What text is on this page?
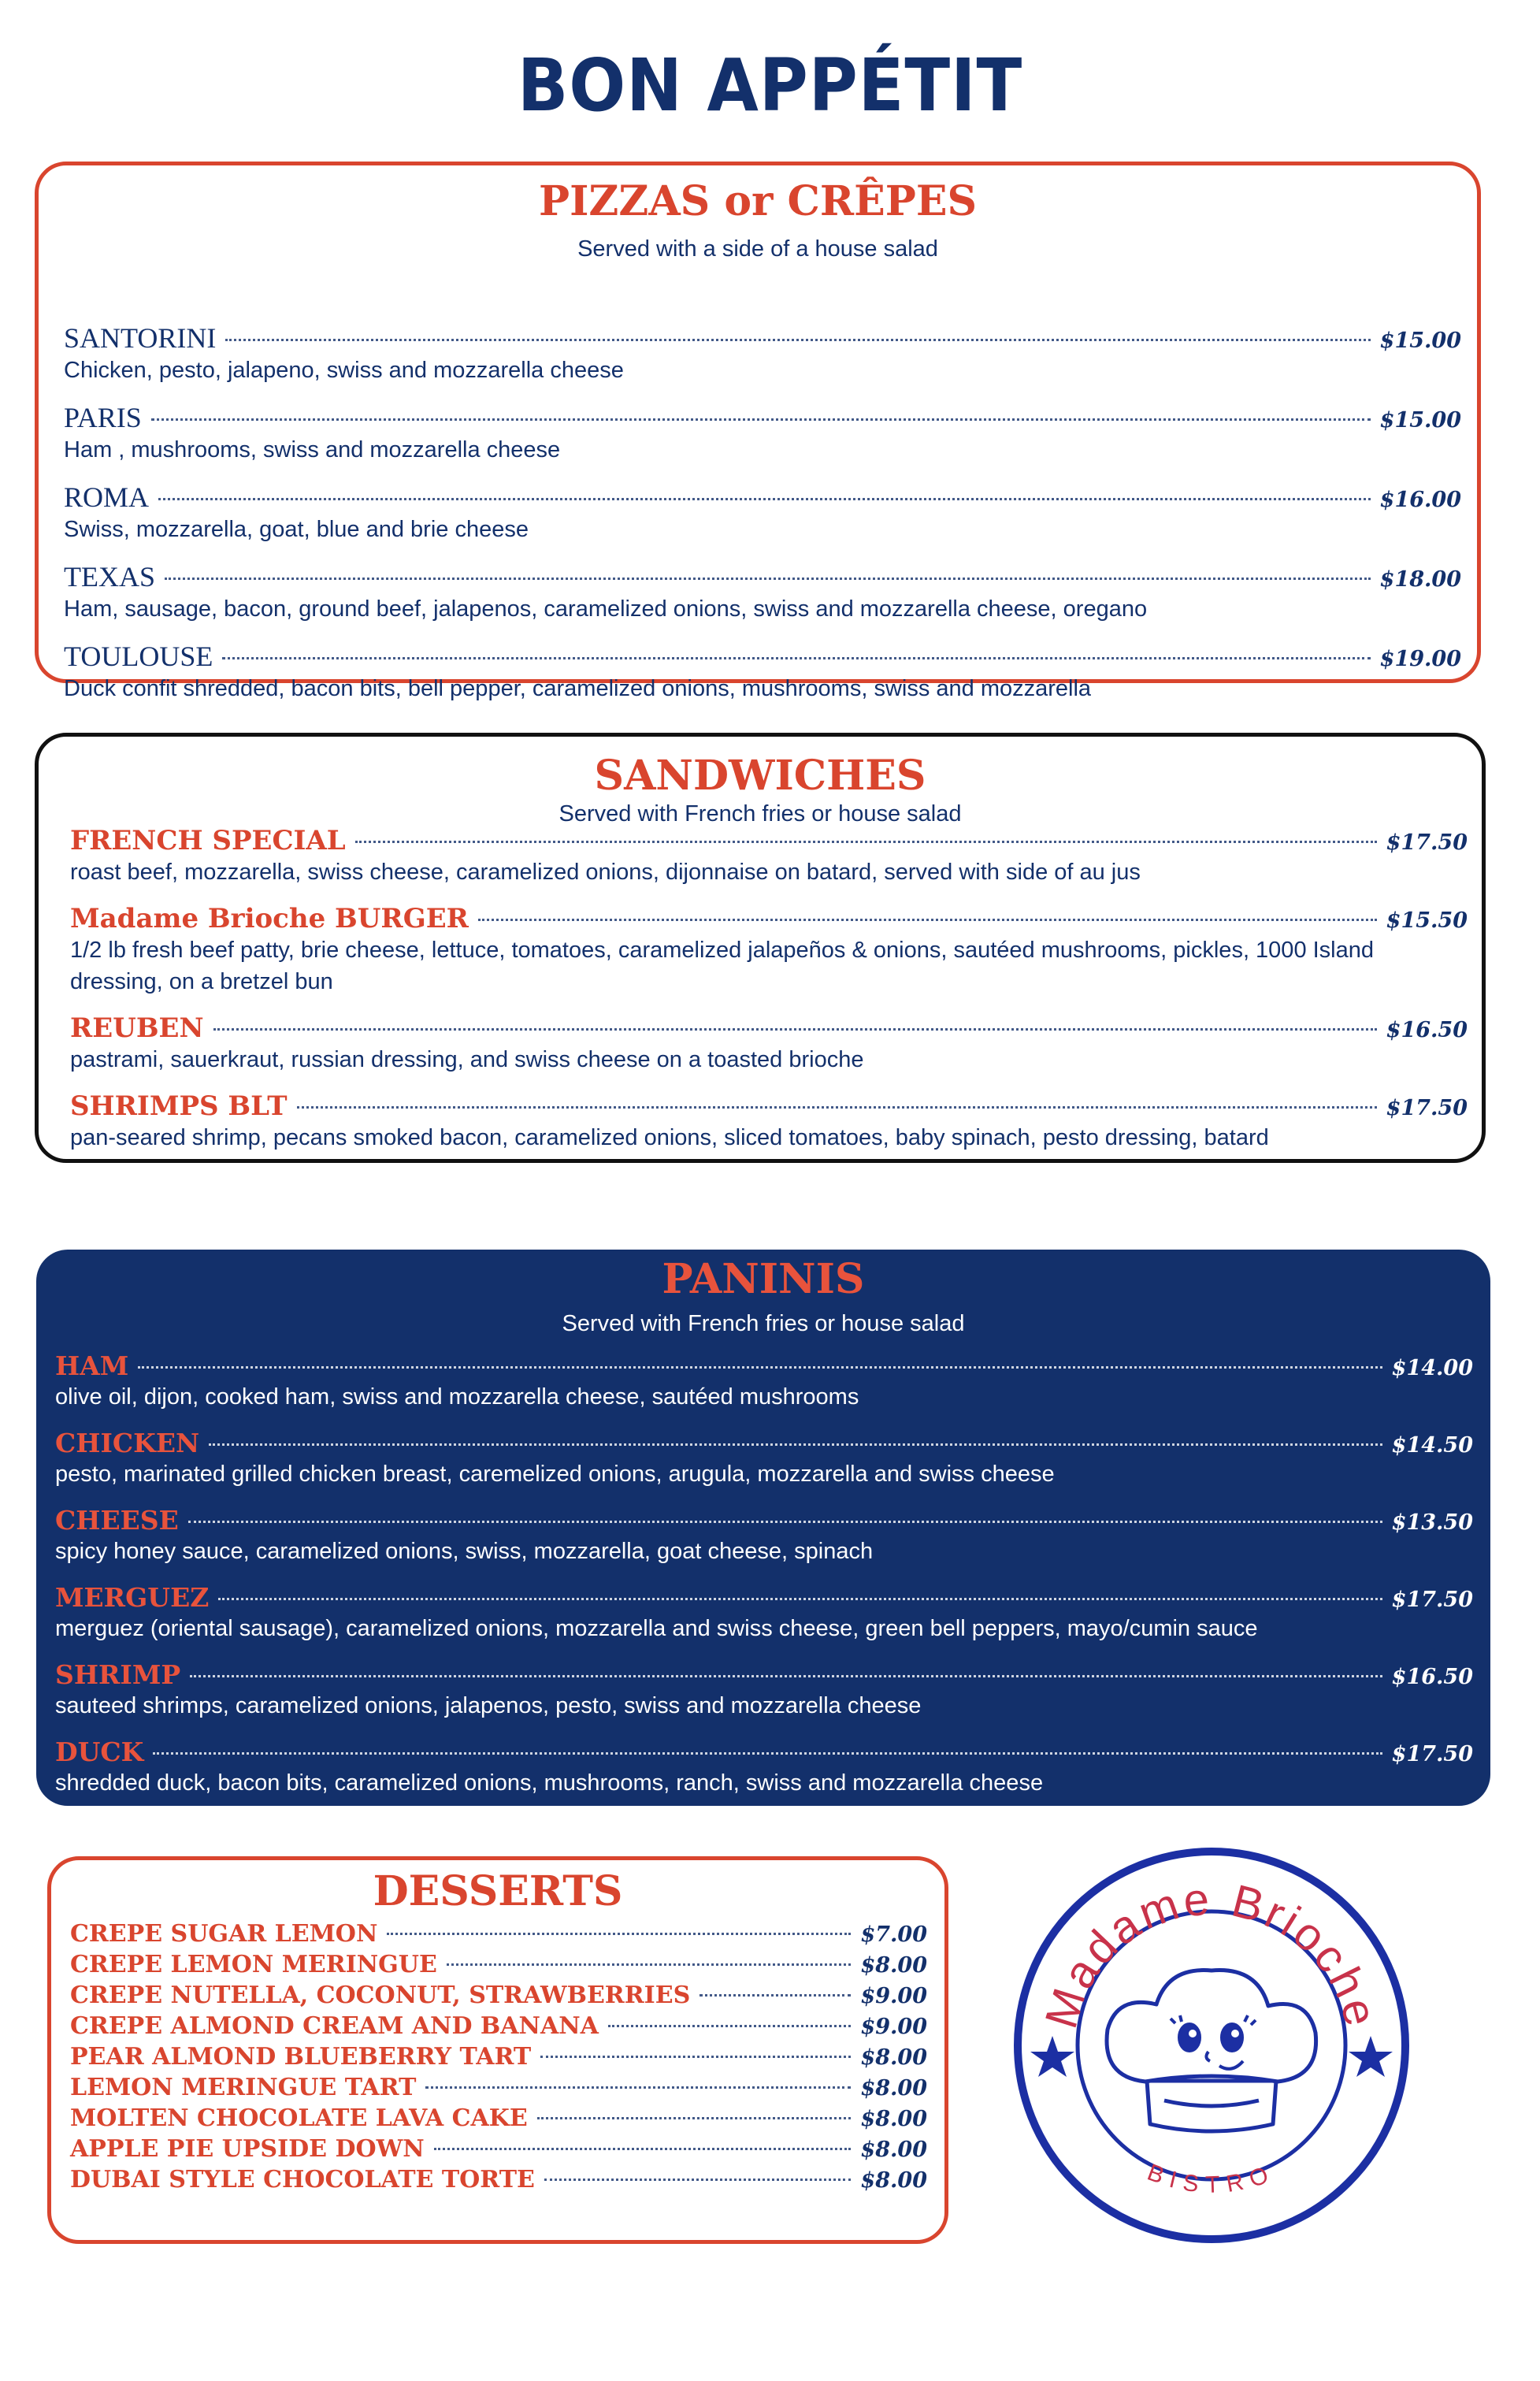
BON APPÉTIT
PIZZAS or CRÊPES
Served with a side of a house salad
SANTORINI	$15.00
Chicken, pesto, jalapeno, swiss and mozzarella cheese
PARIS	$15.00
Ham , mushrooms, swiss and mozzarella cheese
ROMA	$16.00
Swiss, mozzarella, goat, blue and brie cheese
TEXAS	$18.00
Ham, sausage, bacon, ground beef, jalapenos, caramelized onions, swiss and mozzarella cheese, oregano
TOULOUSE	$19.00
Duck confit shredded, bacon bits, bell pepper, caramelized onions, mushrooms, swiss and mozzarella
SANDWICHES
Served with French fries or house salad
FRENCH SPECIAL	$17.50
roast beef, mozzarella, swiss cheese, caramelized onions, dijonnaise on batard, served with side of au jus
Madame Brioche BURGER	$15.50
1/2 lb fresh beef patty, brie cheese, lettuce, tomatoes, caramelized jalapeños & onions, sautéed mushrooms, pickles, 1000 Island dressing, on a bretzel bun
REUBEN	$16.50
pastrami, sauerkraut, russian dressing, and swiss cheese on a toasted brioche
SHRIMPS BLT	$17.50
pan-seared shrimp, pecans smoked bacon, caramelized onions, sliced tomatoes, baby spinach, pesto dressing, batard
PANINIS
Served with French fries or house salad
HAM	$14.00
olive oil, dijon, cooked ham, swiss and mozzarella cheese, sautéed mushrooms
CHICKEN	$14.50
pesto, marinated grilled chicken breast, caremelized onions, arugula, mozzarella and swiss cheese
CHEESE	$13.50
spicy honey sauce, caramelized onions, swiss, mozzarella, goat cheese, spinach
MERGUEZ	$17.50
merguez (oriental sausage), caramelized onions, mozzarella and swiss cheese, green bell peppers, mayo/cumin sauce
SHRIMP	$16.50
sauteed shrimps, caramelized onions, jalapenos, pesto, swiss and mozzarella cheese
DUCK	$17.50
shredded duck, bacon bits, caramelized onions, mushrooms, ranch, swiss and mozzarella cheese
DESSERTS
CREPE SUGAR LEMON	$7.00
CREPE LEMON MERINGUE	$8.00
CREPE NUTELLA, COCONUT, STRAWBERRIES	$9.00
CREPE ALMOND CREAM AND BANANA	$9.00
PEAR ALMOND BLUEBERRY TART	$8.00
LEMON MERINGUE TART	$8.00
MOLTEN CHOCOLATE LAVA CAKE	$8.00
APPLE PIE UPSIDE DOWN	$8.00
DUBAI STYLE CHOCOLATE TORTE	$8.00
Madame Brioche
BISTRO
